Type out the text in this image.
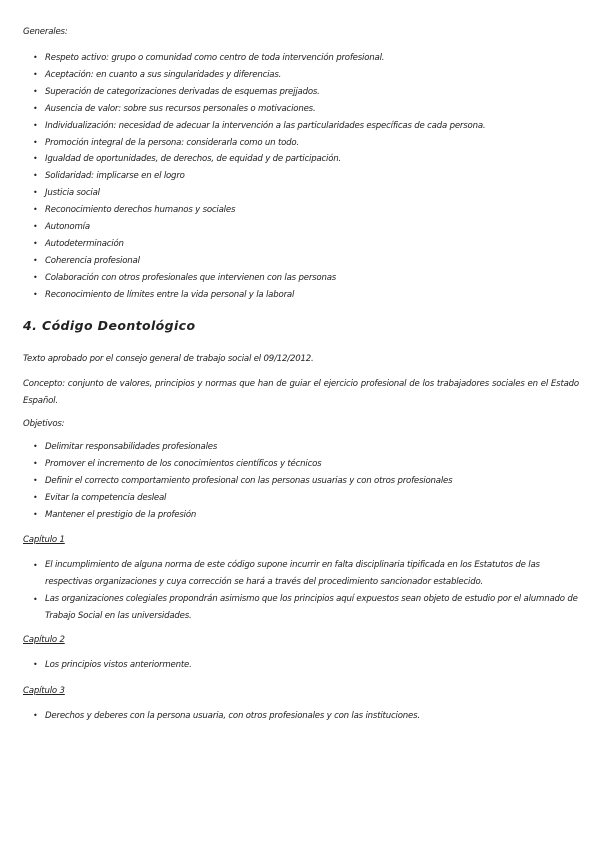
Generales:

• Respeto activo: grupo o comunidad como centro de toda intervención profesional.
• Aceptación: en cuanto a sus singularidades y diferencias.
• Superación de categorizaciones derivadas de esquemas prejjados.
• Ausencia de valor: sobre sus recursos personales o motivaciones.
• Individualización: necesidad de adecuar la intervención a las particularidades específicas de cada persona.
• Promoción integral de la persona: considerarla como un todo.
• Igualdad de oportunidades, de derechos, de equidad y de participación.
• Solidaridad: implicarse en el logro
• Justicia social
• Reconocimiento derechos humanos y sociales
• Autonomía
• Autodeterminación
• Coherencia profesional
• Colaboración con otros profesionales que intervienen con las personas
• Reconocimiento de límites entre la vida personal y la laboral
4. Código Deontológico

Texto aprobado por el consejo general de trabajo social el 09/12/2012.

Concepto: conjunto de valores, principios y normas que han de guiar el ejercicio profesional de los trabajadores sociales en el Estado Español.

Objetivos:

• Delimitar responsabilidades profesionales
• Promover el incremento de los conocimientos científicos y técnicos
• Definir el correcto comportamiento profesional con las personas usuarias y con otros profesionales
• Evitar la competencia desleal
• Mantener el prestigio de la profesión

Capítulo 1

• El incumplimiento de alguna norma de este código supone incurrir en falta disciplinaria tipificada en los Estatutos de las respectivas organizaciones y cuya corrección se hará a través del procedimiento sancionador establecido.
• Las organizaciones colegiales propondrán asimismo que los principios aquí expuestos sean objeto de estudio por el alumnado de Trabajo Social en las universidades.

Capítulo 2

• Los principios vistos anteriormente.

Capítulo 3

• Derechos y deberes con la persona usuaria, con otros profesionales y con las instituciones.
